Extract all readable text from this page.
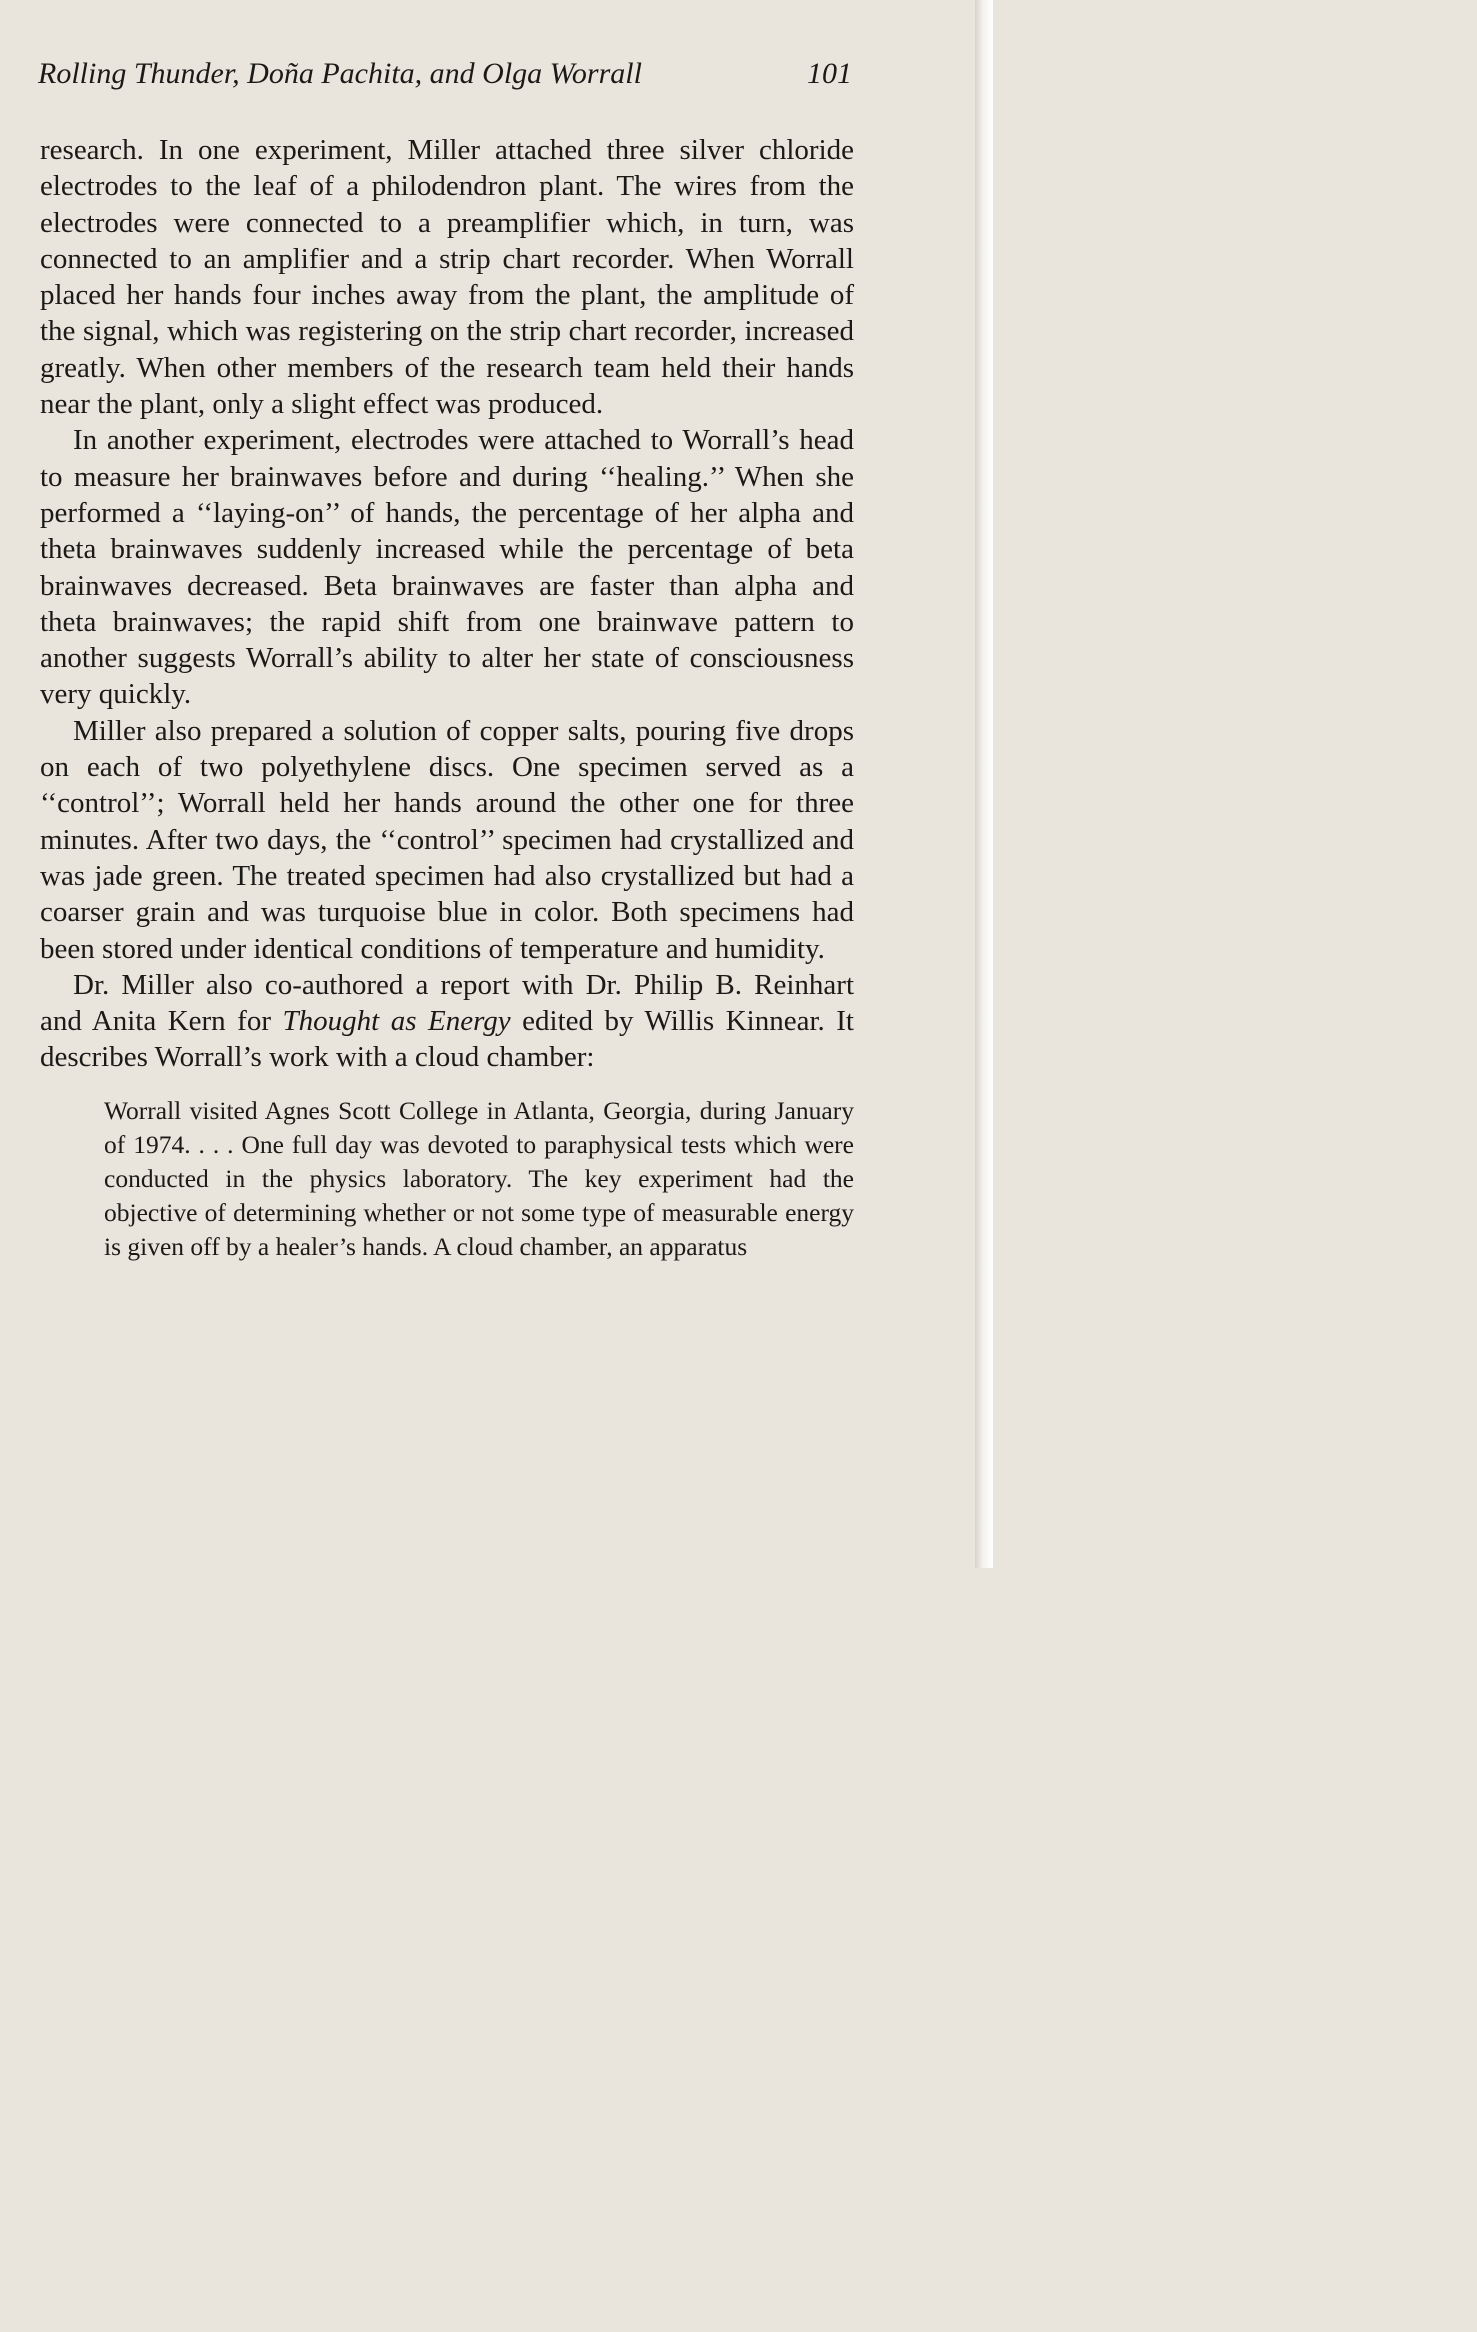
Rolling Thunder, Doña Pachita, and Olga Worrall	101

research. In one experiment, Miller attached three silver chloride electrodes to the leaf of a philodendron plant. The wires from the electrodes were connected to a preamplifier which, in turn, was connected to an amplifier and a strip chart recorder. When Worrall placed her hands four inches away from the plant, the amplitude of the signal, which was registering on the strip chart recorder, increased greatly. When other members of the research team held their hands near the plant, only a slight effect was produced.

In another experiment, electrodes were attached to Worrall’s head to measure her brainwaves before and during ‘‘healing.’’ When she performed a ‘‘laying-on’’ of hands, the percentage of her alpha and theta brainwaves suddenly increased while the percentage of beta brainwaves decreased. Beta brainwaves are faster than alpha and theta brainwaves; the rapid shift from one brainwave pattern to another suggests Worrall’s ability to alter her state of consciousness very quickly.

Miller also prepared a solution of copper salts, pouring five drops on each of two polyethylene discs. One specimen served as a ‘‘control’’; Worrall held her hands around the other one for three minutes. After two days, the ‘‘control’’ specimen had crystallized and was jade green. The treated specimen had also crystallized but had a coarser grain and was turquoise blue in color. Both specimens had been stored under identical conditions of temperature and humidity.

Dr. Miller also co-authored a report with Dr. Philip B. Reinhart and Anita Kern for Thought as Energy edited by Willis Kinnear. It describes Worrall’s work with a cloud chamber:

Worrall visited Agnes Scott College in Atlanta, Georgia, during January of 1974. . . . One full day was devoted to paraphysical tests which were conducted in the physics laboratory. The key experiment had the objective of determining whether or not some type of measurable energy is given off by a healer’s hands. A cloud chamber, an apparatus
